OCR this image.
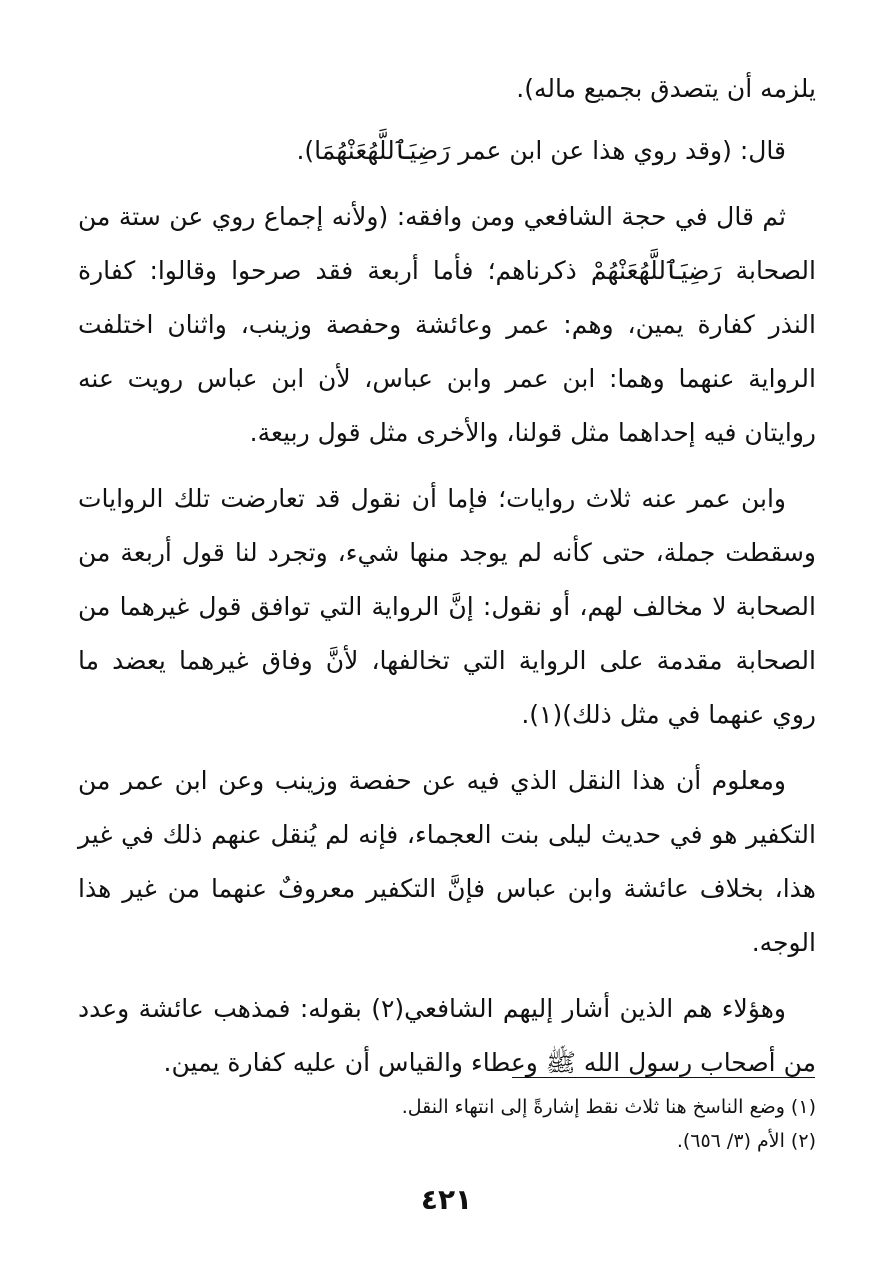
يلزمه أن يتصدق بجميع ماله).

قال: (وقد روي هذا عن ابن عمر رَضِيَٱللَّهُعَنْهُمَا).

ثم قال في حجة الشافعي ومن وافقه: (ولأنه إجماع روي عن ستة من الصحابة رَضِيَٱللَّهُعَنْهُمْ ذكرناهم؛ فأما أربعة فقد صرحوا وقالوا: كفارة النذر كفارة يمين، وهم: عمر وعائشة وحفصة وزينب، واثنان اختلفت الرواية عنهما وهما: ابن عمر وابن عباس، لأن ابن عباس رويت عنه روايتان فيه إحداهما مثل قولنا، والأخرى مثل قول ربيعة.

وابن عمر عنه ثلاث روايات؛ فإما أن نقول قد تعارضت تلك الروايات وسقطت جملة، حتى كأنه لم يوجد منها شيء، وتجرد لنا قول أربعة من الصحابة لا مخالف لهم، أو نقول: إنَّ الرواية التي توافق قول غيرهما من الصحابة مقدمة على الرواية التي تخالفها، لأنَّ وفاق غيرهما يعضد ما روي عنهما في مثل ذلك)(١).

ومعلوم أن هذا النقل الذي فيه عن حفصة وزينب وعن ابن عمر من التكفير هو في حديث ليلى بنت العجماء، فإنه لم يُنقل عنهم ذلك في غير هذا، بخلاف عائشة وابن عباس فإنَّ التكفير معروفٌ عنهما من غير هذا الوجه.

وهؤلاء هم الذين أشار إليهم الشافعي(٢) بقوله: فمذهب عائشة وعدد من أصحاب رسول الله ﷺ وعطاء والقياس أن عليه كفارة يمين.

(١) وضع الناسخ هنا ثلاث نقط إشارةً إلى انتهاء النقل.

(٢) الأم (٣/ ٦٥٦).

٤٢١
